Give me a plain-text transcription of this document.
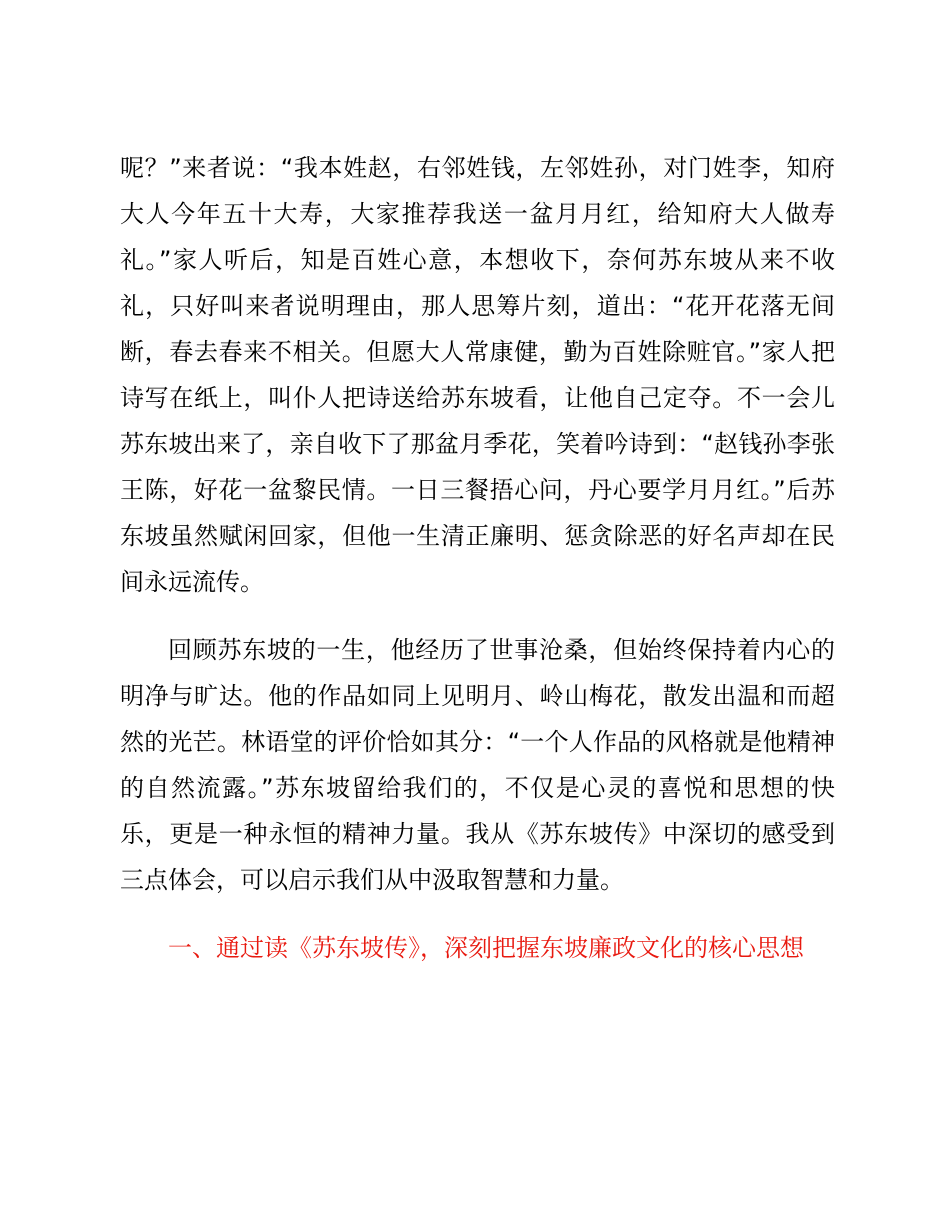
呢？”来者说：“我本姓赵，右邻姓钱，左邻姓孙，对门姓李，知府大人今年五十大寿，大家推荐我送一盆月月红，给知府大人做寿礼。”家人听后，知是百姓心意，本想收下，奈何苏东坡从来不收礼，只好叫来者说明理由，那人思筹片刻，道出：“花开花落无间断，春去春来不相关。但愿大人常康健，勤为百姓除赃官。”家人把诗写在纸上，叫仆人把诗送给苏东坡看，让他自己定夺。不一会儿苏东坡出来了，亲自收下了那盆月季花，笑着吟诗到：“赵钱孙李张王陈，好花一盆黎民情。一日三餐捂心问，丹心要学月月红。”后苏东坡虽然赋闲回家，但他一生清正廉明、惩贪除恶的好名声却在民间永远流传。

回顾苏东坡的一生，他经历了世事沧桑，但始终保持着内心的明净与旷达。他的作品如同上见明月、岭山梅花，散发出温和而超然的光芒。林语堂的评价恰如其分：“一个人作品的风格就是他精神的自然流露。”苏东坡留给我们的，不仅是心灵的喜悦和思想的快乐，更是一种永恒的精神力量。我从《苏东坡传》中深切的感受到三点体会，可以启示我们从中汲取智慧和力量。

一、通过读《苏东坡传》，深刻把握东坡廉政文化的核心思想
